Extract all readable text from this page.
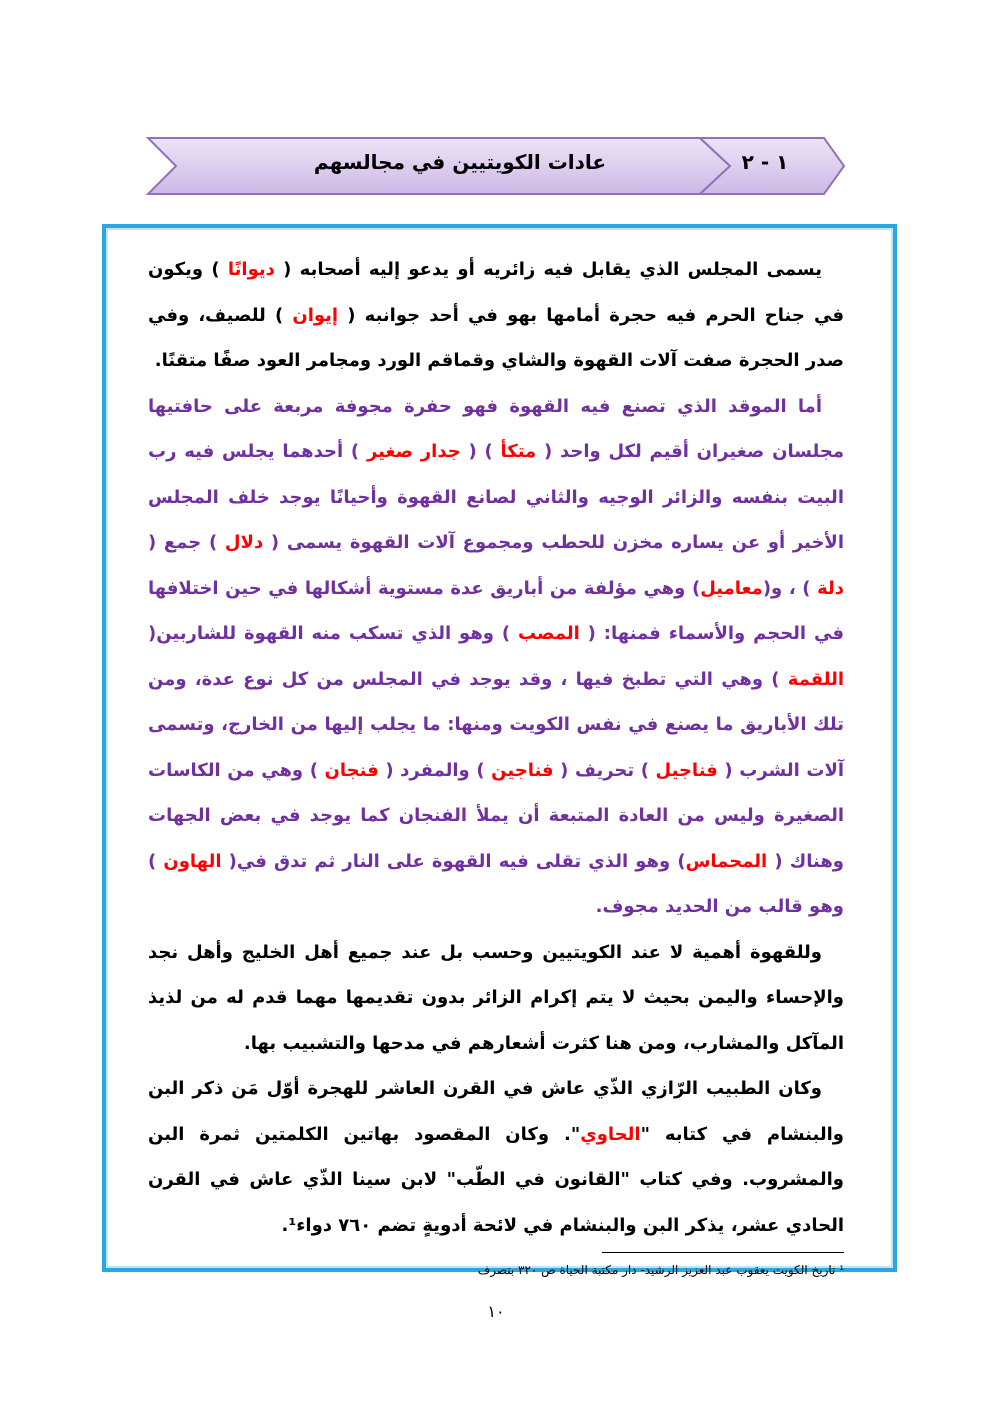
عادات الكويتيين في مجالسهم	١ - ٢

يسمى المجلس الذي يقابل فيه زائريه أو يدعو إليه أصحابه ( ديوانًا ) ويكون في جناح الحرم فيه حجرة أمامها بهو في أحد جوانبه ( إيوان ) للصيف، وفي صدر الحجرة صفت آلات القهوة والشاي وقماقم الورد ومجامر العود صفًا متقنًا.

أما الموقد الذي تصنع فيه القهوة فهو حفرة مجوفة مربعة على حافتيها مجلسان صغيران أقيم لكل واحد ( متكأ ) ( جدار صغير ) أحدهما يجلس فيه رب البيت بنفسه والزائر الوجيه والثاني لصانع القهوة وأحيانًا يوجد خلف المجلس الأخير أو عن يساره مخزن للحطب ومجموع آلات القهوة يسمى ( دلال ) جمع ( دلة ) ، و(معاميل) وهي مؤلفة من أباريق عدة مستوية أشكالها في حين اختلافها في الحجم والأسماء فمنها: ( المصب ) وهو الذي تسكب منه القهوة للشاربين( اللقمة ) وهي التي تطبخ فيها ، وقد يوجد في المجلس من كل نوع عدة، ومن تلك الأباريق ما يصنع في نفس الكويت ومنها: ما يجلب إليها من الخارج، وتسمى آلات الشرب ( فناجيل ) تحريف ( فناجين ) والمفرد ( فنجان ) وهي من الكاسات الصغيرة وليس من العادة المتبعة أن يملأ الفنجان كما يوجد في بعض الجهات وهناك ( المحماس) وهو الذي تقلى فيه القهوة على النار ثم تدق في( الهاون ) وهو قالب من الحديد مجوف.

وللقهوة أهمية لا عند الكويتيين وحسب بل عند جميع أهل الخليج وأهل نجد والإحساء واليمن بحيث لا يتم إكرام الزائر بدون تقديمها مهما قدم له من لذيذ المآكل والمشارب، ومن هنا كثرت أشعارهم في مدحها والتشبيب بها.

وكان الطبيب الرّازي الذّي عاش في القرن العاشر للهجرة أوّل مَن ذكر البن والبنشام في كتابه "الحاوي". وكان المقصود بهاتين الكلمتين ثمرة البن والمشروب. وفي كتاب "القانون في الطّب" لابن سينا الذّي عاش في القرن الحادي عشر، يذكر البن والبنشام في لائحة أدويةٍ تضم ٧٦٠ دواء¹.

¹ تاريخ الكويت يعقوب عبد العزيز الرشيد- دار مكتبة الحياة ص ٣٢٠ بتصرف
١٠
